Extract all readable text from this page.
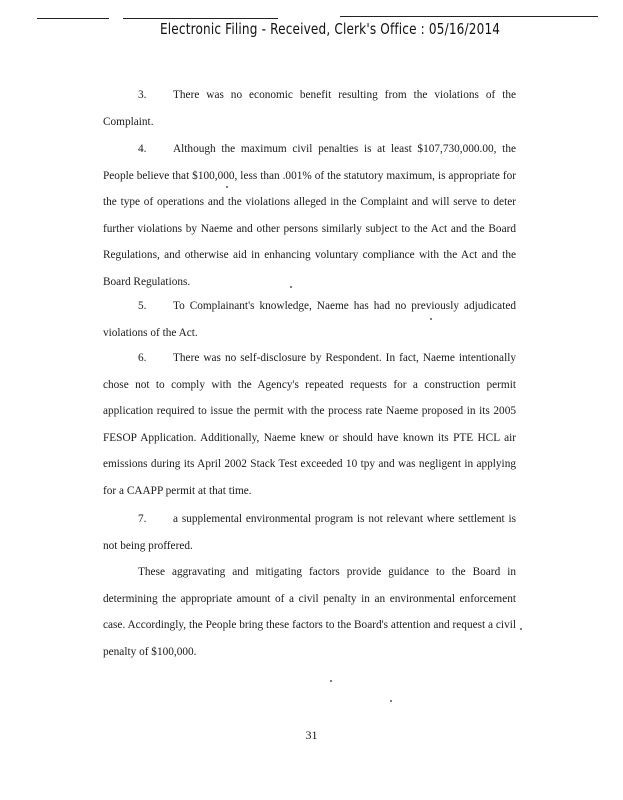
Electronic Filing - Received, Clerk's Office : 05/16/2014
3. There was no economic benefit resulting from the violations of the Complaint.
4. Although the maximum civil penalties is at least $107,730,000.00, the People believe that $100,000, less than .001% of the statutory maximum, is appropriate for the type of operations and the violations alleged in the Complaint and will serve to deter further violations by Naeme and other persons similarly subject to the Act and the Board Regulations, and otherwise aid in enhancing voluntary compliance with the Act and the Board Regulations.
5. To Complainant's knowledge, Naeme has had no previously adjudicated violations of the Act.
6. There was no self-disclosure by Respondent. In fact, Naeme intentionally chose not to comply with the Agency's repeated requests for a construction permit application required to issue the permit with the process rate Naeme proposed in its 2005 FESOP Application. Additionally, Naeme knew or should have known its PTE HCL air emissions during its April 2002 Stack Test exceeded 10 tpy and was negligent in applying for a CAAPP permit at that time.
7. a supplemental environmental program is not relevant where settlement is not being proffered.
These aggravating and mitigating factors provide guidance to the Board in determining the appropriate amount of a civil penalty in an environmental enforcement case. Accordingly, the People bring these factors to the Board's attention and request a civil penalty of $100,000.
31
